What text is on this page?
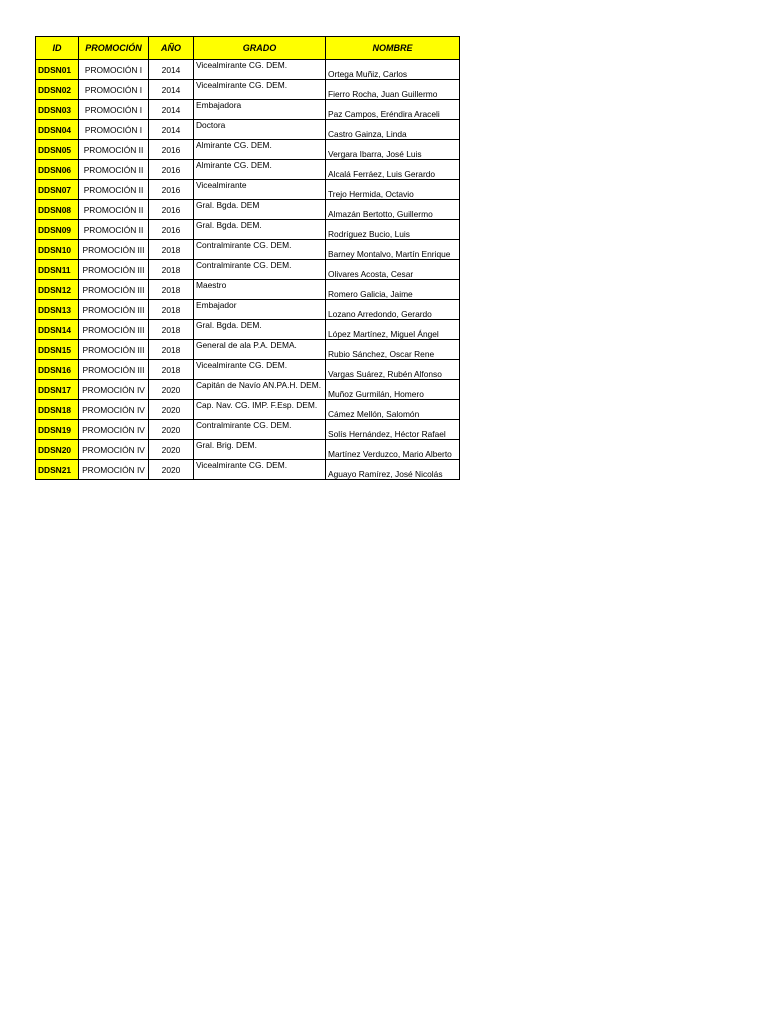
ID	PROMOCIÓN	AÑO	GRADO	NOMBRE
DDSN01	PROMOCIÓN I	2014	Vicealmirante CG. DEM.	Ortega Muñiz, Carlos
DDSN02	PROMOCIÓN I	2014	Vicealmirante CG. DEM.	Fierro Rocha, Juan Guillermo
DDSN03	PROMOCIÓN I	2014	Embajadora	Paz Campos, Eréndira Araceli
DDSN04	PROMOCIÓN I	2014	Doctora	Castro Gainza, Linda
DDSN05	PROMOCIÓN II	2016	Almirante CG. DEM.	Vergara Ibarra, José Luis
DDSN06	PROMOCIÓN II	2016	Almirante CG. DEM.	Alcalá Ferráez, Luis Gerardo
DDSN07	PROMOCIÓN II	2016	Vicealmirante	Trejo Hermida, Octavio
DDSN08	PROMOCIÓN II	2016	Gral. Bgda. DEM	Almazán Bertotto, Guillermo
DDSN09	PROMOCIÓN II	2016	Gral. Bgda. DEM.	Rodríguez Bucio, Luis
DDSN10	PROMOCIÓN III	2018	Contralmirante CG. DEM.	Barney Montalvo, Martín Enrique
DDSN11	PROMOCIÓN III	2018	Contralmirante CG. DEM.	Olivares Acosta, Cesar
DDSN12	PROMOCIÓN III	2018	Maestro	Romero Galicia, Jaime
DDSN13	PROMOCIÓN III	2018	Embajador	Lozano Arredondo, Gerardo
DDSN14	PROMOCIÓN III	2018	Gral. Bgda. DEM.	López Martínez, Miguel Ángel
DDSN15	PROMOCIÓN III	2018	General de ala P.A. DEMA.	Rubio Sánchez, Oscar Rene
DDSN16	PROMOCIÓN III	2018	Vicealmirante CG. DEM.	Vargas Suárez, Rubén Alfonso
DDSN17	PROMOCIÓN IV	2020	Capitán de Navío AN.PA.H. DEM.	Muñoz Gurmilán, Homero
DDSN18	PROMOCIÓN IV	2020	Cap. Nav. CG. IMP. F.Esp. DEM.	Cámez Mellón, Salomón
DDSN19	PROMOCIÓN IV	2020	Contralmirante CG. DEM.	Solís Hernández, Héctor Rafael
DDSN20	PROMOCIÓN IV	2020	Gral. Brig. DEM.	Martínez Verduzco, Mario Alberto
DDSN21	PROMOCIÓN IV	2020	Vicealmirante CG. DEM.	Aguayo Ramírez, José Nicolás
